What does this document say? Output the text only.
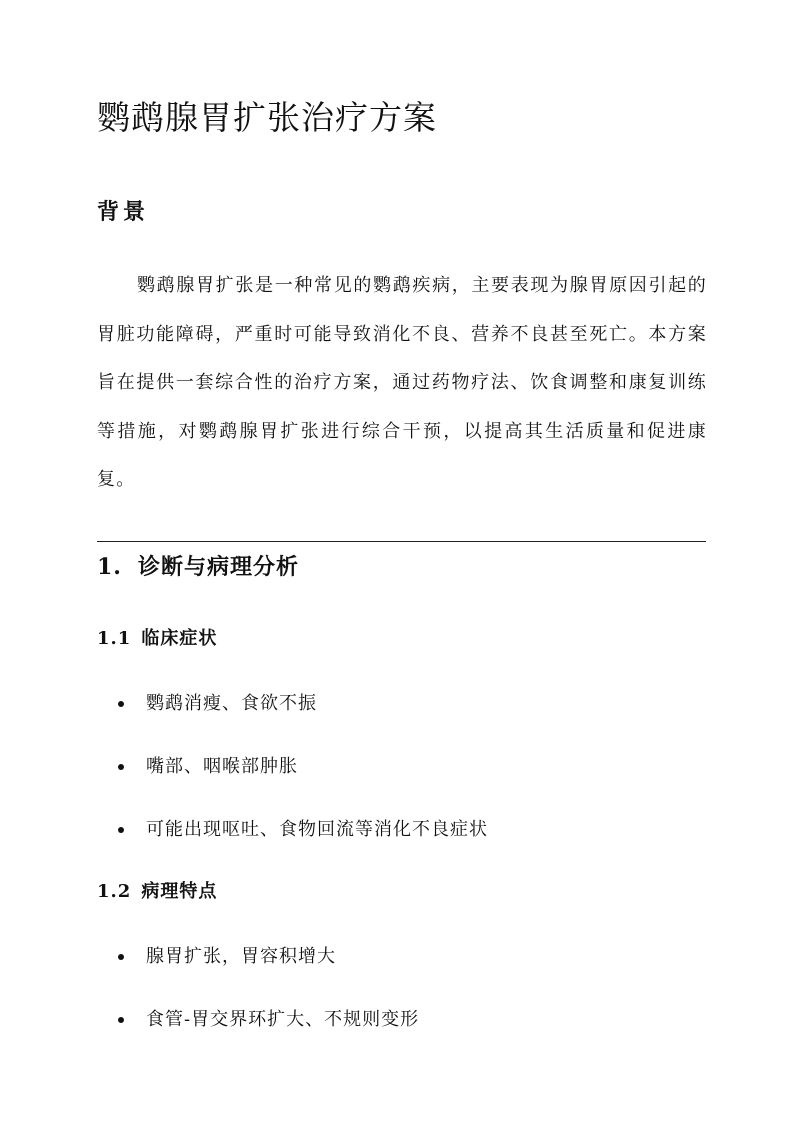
鹦鹉腺胃扩张治疗方案
背景

鹦鹉腺胃扩张是一种常见的鹦鹉疾病，主要表现为腺胃原因引起的胃脏功能障碍，严重时可能导致消化不良、营养不良甚至死亡。本方案旨在提供一套综合性的治疗方案，通过药物疗法、饮食调整和康复训练等措施，对鹦鹉腺胃扩张进行综合干预，以提高其生活质量和促进康复。

1. 诊断与病理分析
1.1 临床症状
鹦鹉消瘦、食欲不振
嘴部、咽喉部肿胀
可能出现呕吐、食物回流等消化不良症状
1.2 病理特点
腺胃扩张，胃容积增大
食管-胃交界环扩大、不规则变形
